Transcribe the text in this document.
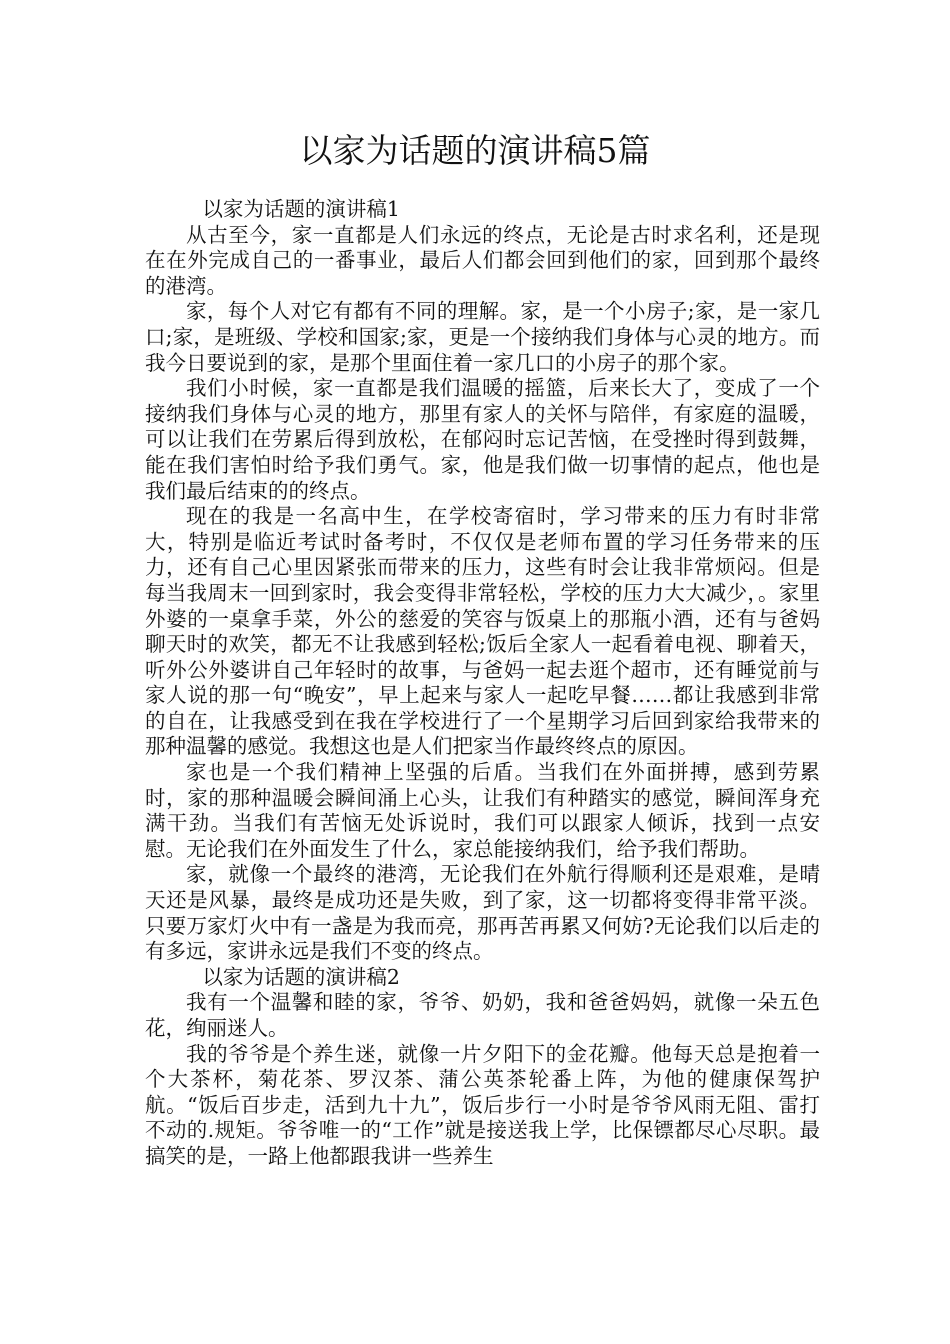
以家为话题的演讲稿5篇

以家为话题的演讲稿1

从古至今，家一直都是人们永远的终点，无论是古时求名利，还是现在在外完成自己的一番事业，最后人们都会回到他们的家，回到那个最终的港湾。

家，每个人对它有都有不同的理解。家，是一个小房子;家，是一家几口;家，是班级、学校和国家;家，更是一个接纳我们身体与心灵的地方。而我今日要说到的家，是那个里面住着一家几口的小房子的那个家。

我们小时候，家一直都是我们温暖的摇篮，后来长大了，变成了一个接纳我们身体与心灵的地方，那里有家人的关怀与陪伴，有家庭的温暖，可以让我们在劳累后得到放松，在郁闷时忘记苦恼，在受挫时得到鼓舞，能在我们害怕时给予我们勇气。家，他是我们做一切事情的起点，他也是我们最后结束的的终点。

现在的我是一名高中生，在学校寄宿时，学习带来的压力有时非常大，特别是临近考试时备考时，不仅仅是老师布置的学习任务带来的压力，还有自己心里因紧张而带来的压力，这些有时会让我非常烦闷。但是每当我周末一回到家时，我会变得非常轻松，学校的压力大大减少，。家里外婆的一桌拿手菜，外公的慈爱的笑容与饭桌上的那瓶小酒，还有与爸妈聊天时的欢笑，都无不让我感到轻松;饭后全家人一起看着电视、聊着天，听外公外婆讲自己年轻时的故事，与爸妈一起去逛个超市，还有睡觉前与家人说的那一句“晚安”，早上起来与家人一起吃早餐……都让我感到非常的自在，让我感受到在我在学校进行了一个星期学习后回到家给我带来的那种温馨的感觉。我想这也是人们把家当作最终终点的原因。

家也是一个我们精神上坚强的后盾。当我们在外面拼搏，感到劳累时，家的那种温暖会瞬间涌上心头，让我们有种踏实的感觉，瞬间浑身充满干劲。当我们有苦恼无处诉说时，我们可以跟家人倾诉，找到一点安慰。无论我们在外面发生了什么，家总能接纳我们，给予我们帮助。

家，就像一个最终的港湾，无论我们在外航行得顺利还是艰难，是晴天还是风暴，最终是成功还是失败，到了家，这一切都将变得非常平淡。只要万家灯火中有一盏是为我而亮，那再苦再累又何妨?无论我们以后走的有多远，家讲永远是我们不变的终点。

以家为话题的演讲稿2

我有一个温馨和睦的家，爷爷、奶奶，我和爸爸妈妈，就像一朵五色花，绚丽迷人。

我的爷爷是个养生迷，就像一片夕阳下的金花瓣。他每天总是抱着一个大茶杯，菊花茶、罗汉茶、蒲公英茶轮番上阵，为他的健康保驾护航。“饭后百步走，活到九十九”，饭后步行一小时是爷爷风雨无阻、雷打不动的.规矩。爷爷唯一的“工作”就是接送我上学，比保镖都尽心尽职。最搞笑的是，一路上他都跟我讲一些养生
